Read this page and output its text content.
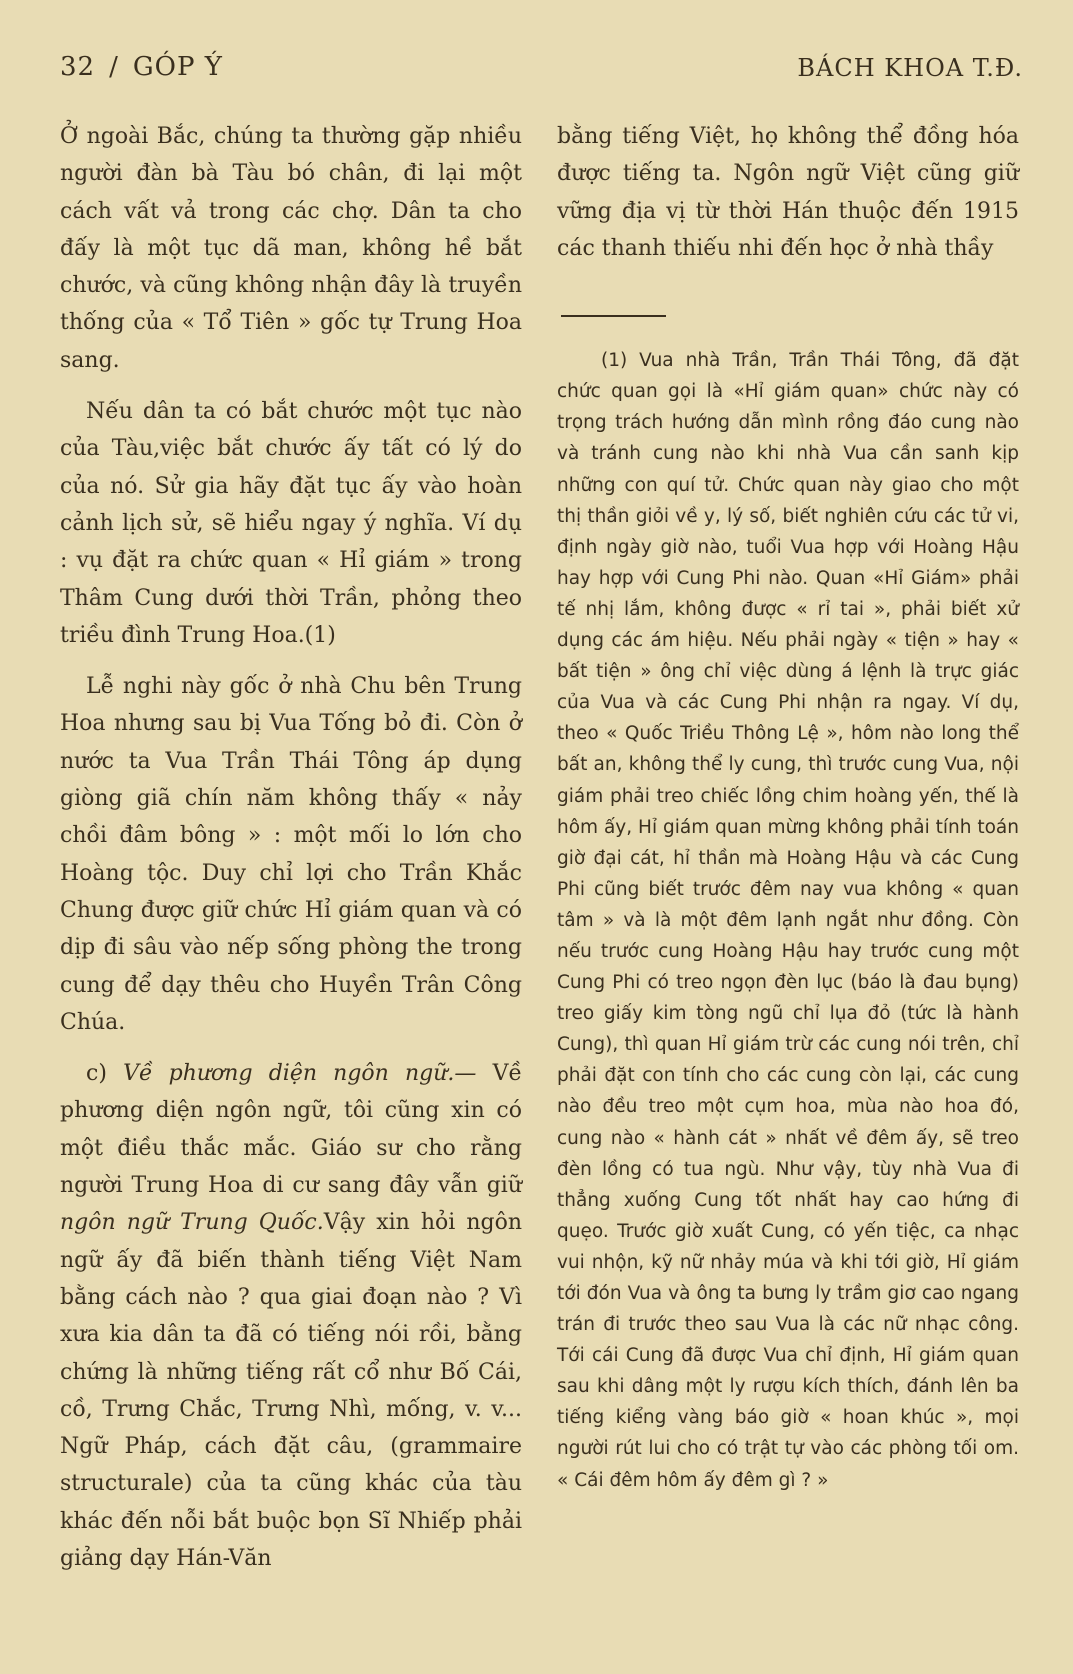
32 / GÓP Ý	BÁCH KHOA T.Đ.

Ở ngoài Bắc, chúng ta thường gặp nhiều người đàn bà Tàu bó chân, đi lại một cách vất vả trong các chợ. Dân ta cho đấy là một tục dã man, không hề bắt chước, và cũng không nhận đây là truyền thống của « Tổ Tiên » gốc tự Trung Hoa sang.

Nếu dân ta có bắt chước một tục nào của Tàu,việc bắt chước ấy tất có lý do của nó. Sử gia hãy đặt tục ấy vào hoàn cảnh lịch sử, sẽ hiểu ngay ý nghĩa. Ví dụ : vụ đặt ra chức quan « Hỉ giám » trong Thâm Cung dưới thời Trần, phỏng theo triều đình Trung Hoa.(1)

Lễ nghi này gốc ở nhà Chu bên Trung Hoa nhưng sau bị Vua Tống bỏ đi. Còn ở nước ta Vua Trần Thái Tông áp dụng giòng giã chín năm không thấy « nảy chồi đâm bông » : một mối lo lớn cho Hoàng tộc. Duy chỉ lợi cho Trần Khắc Chung được giữ chức Hỉ giám quan và có dịp đi sâu vào nếp sống phòng the trong cung để dạy thêu cho Huyền Trân Công Chúa.

c) Về phương diện ngôn ngữ.— Về phương diện ngôn ngữ, tôi cũng xin có một điều thắc mắc. Giáo sư cho rằng người Trung Hoa di cư sang đây vẫn giữ ngôn ngữ Trung Quốc.Vậy xin hỏi ngôn ngữ ấy đã biến thành tiếng Việt Nam bằng cách nào ? qua giai đoạn nào ? Vì xưa kia dân ta đã có tiếng nói rồi, bằng chứng là những tiếng rất cổ như Bố Cái, cồ, Trưng Chắc, Trưng Nhì, mống, v. v... Ngữ Pháp, cách đặt câu, (grammaire structurale) của ta cũng khác của tàu khác đến nỗi bắt buộc bọn Sĩ Nhiếp phải giảng dạy Hán-Văn

bằng tiếng Việt, họ không thể đồng hóa được tiếng ta. Ngôn ngữ Việt cũng giữ vững địa vị từ thời Hán thuộc đến 1915 các thanh thiếu nhi đến học ở nhà thầy

(1) Vua nhà Trần, Trần Thái Tông, đã đặt chức quan gọi là «Hỉ giám quan» chức này có trọng trách hướng dẫn mình rồng đáo cung nào và tránh cung nào khi nhà Vua cần sanh kịp những con quí tử. Chức quan này giao cho một thị thần giỏi về y, lý số, biết nghiên cứu các tử vi, định ngày giờ nào, tuổi Vua hợp với Hoàng Hậu hay hợp với Cung Phi nào. Quan «Hỉ Giám» phải tế nhị lắm, không được « rỉ tai », phải biết xử dụng các ám hiệu. Nếu phải ngày « tiện » hay « bất tiện » ông chỉ việc dùng á lệnh là trực giác của Vua và các Cung Phi nhận ra ngay. Ví dụ, theo « Quốc Triều Thông Lệ », hôm nào long thể bất an, không thể ly cung, thì trước cung Vua, nội giám phải treo chiếc lồng chim hoàng yến, thế là hôm ấy, Hỉ giám quan mừng không phải tính toán giờ đại cát, hỉ thần mà Hoàng Hậu và các Cung Phi cũng biết trước đêm nay vua không « quan tâm » và là một đêm lạnh ngắt như đồng. Còn nếu trước cung Hoàng Hậu hay trước cung một Cung Phi có treo ngọn đèn lục (báo là đau bụng) treo giấy kim tòng ngũ chỉ lụa đỏ (tức là hành Cung), thì quan Hỉ giám trừ các cung nói trên, chỉ phải đặt con tính cho các cung còn lại, các cung nào đều treo một cụm hoa, mùa nào hoa đó, cung nào « hành cát » nhất về đêm ấy, sẽ treo đèn lồng có tua ngù. Như vậy, tùy nhà Vua đi thẳng xuống Cung tốt nhất hay cao hứng đi quẹo. Trước giờ xuất Cung, có yến tiệc, ca nhạc vui nhộn, kỹ nữ nhảy múa và khi tới giờ, Hỉ giám tới đón Vua và ông ta bưng ly trầm giơ cao ngang trán đi trước theo sau Vua là các nữ nhạc công. Tới cái Cung đã được Vua chỉ định, Hỉ giám quan sau khi dâng một ly rượu kích thích, đánh lên ba tiếng kiểng vàng báo giờ « hoan khúc », mọi người rút lui cho có trật tự vào các phòng tối om. « Cái đêm hôm ấy đêm gì ? »
